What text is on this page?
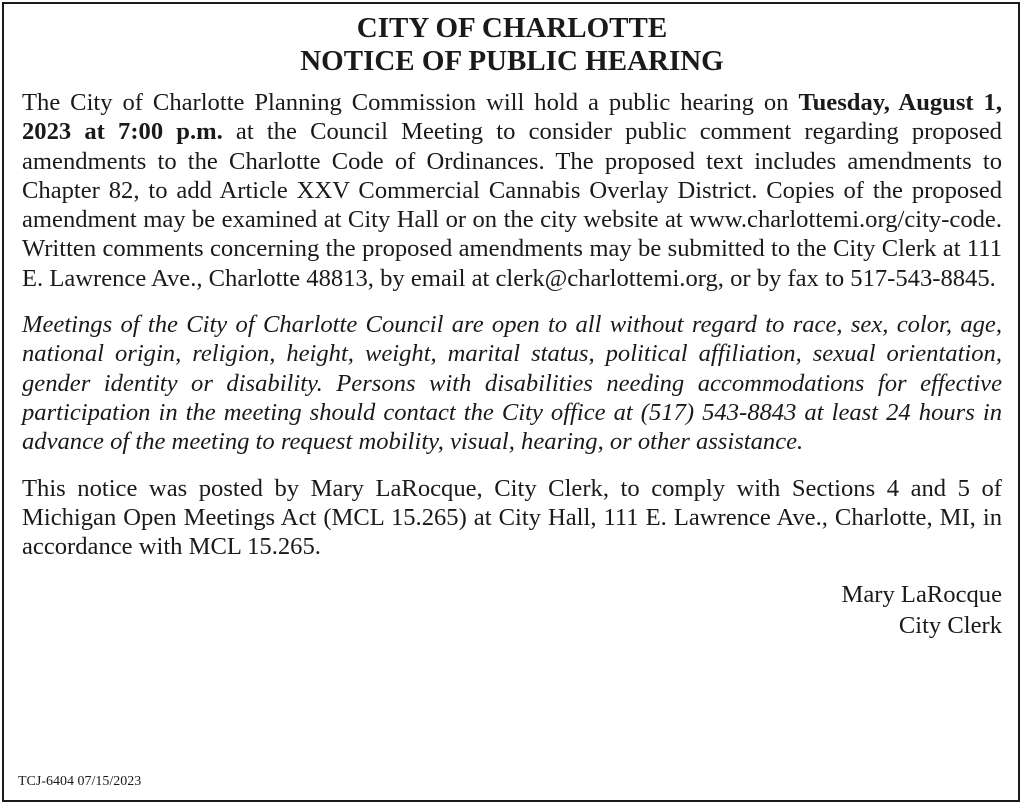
CITY OF CHARLOTTE
NOTICE OF PUBLIC HEARING

The City of Charlotte Planning Commission will hold a public hearing on Tuesday, August 1, 2023 at 7:00 p.m. at the Council Meeting to consider public comment regarding proposed amendments to the Charlotte Code of Ordinances. The proposed text includes amendments to Chapter 82, to add Article XXV Commercial Cannabis Overlay District. Copies of the proposed amendment may be examined at City Hall or on the city website at www.charlottemi.org/city-code. Written comments concerning the proposed amendments may be submitted to the City Clerk at 111 E. Lawrence Ave., Charlotte 48813, by email at clerk@charlottemi.org, or by fax to 517-543-8845.

Meetings of the City of Charlotte Council are open to all without regard to race, sex, color, age, national origin, religion, height, weight, marital status, political affiliation, sexual orientation, gender identity or disability. Persons with disabilities needing accommodations for effective participation in the meeting should contact the City office at (517) 543-8843 at least 24 hours in advance of the meeting to request mobility, visual, hearing, or other assistance.

This notice was posted by Mary LaRocque, City Clerk, to comply with Sections 4 and 5 of Michigan Open Meetings Act (MCL 15.265) at City Hall, 111 E. Lawrence Ave., Charlotte, MI, in accordance with MCL 15.265.

Mary LaRocque
City Clerk
TCJ-6404 07/15/2023
